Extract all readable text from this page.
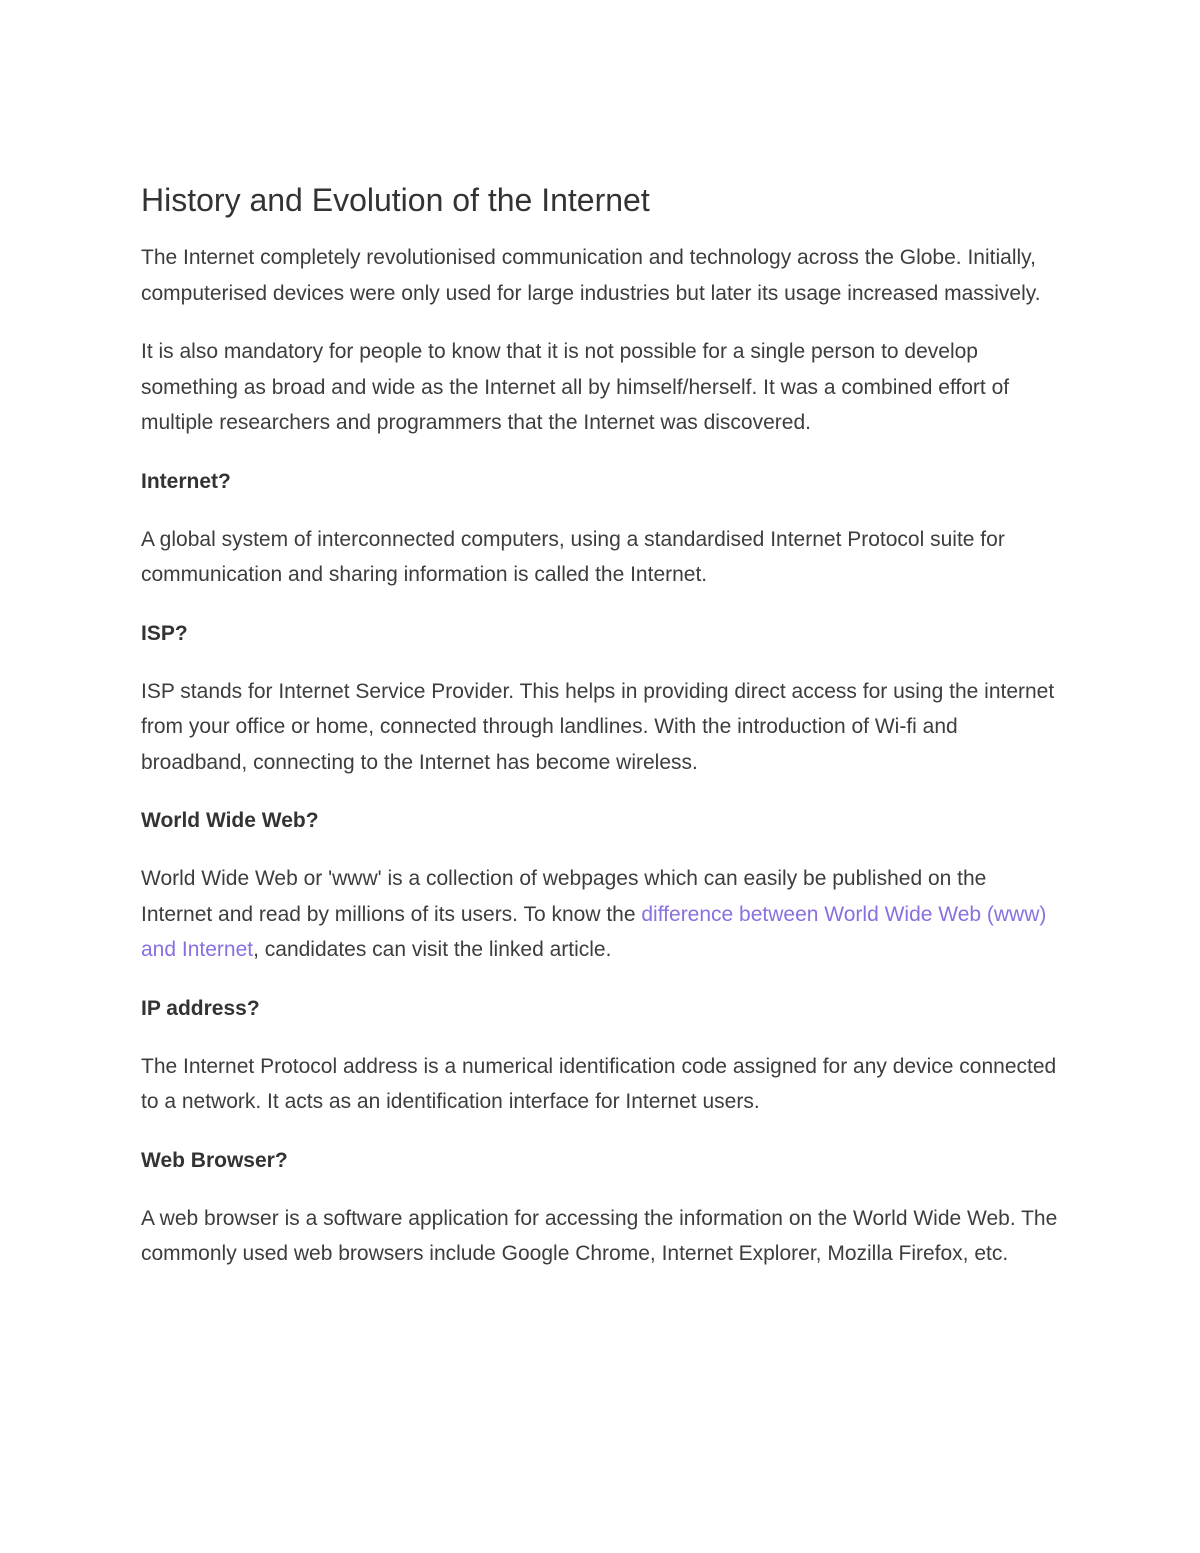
History and Evolution of the Internet

The Internet completely revolutionised communication and technology across the Globe. Initially, computerised devices were only used for large industries but later its usage increased massively.

It is also mandatory for people to know that it is not possible for a single person to develop something as broad and wide as the Internet all by himself/herself. It was a combined effort of multiple researchers and programmers that the Internet was discovered.

Internet?

A global system of interconnected computers, using a standardised Internet Protocol suite for communication and sharing information is called the Internet.

ISP?

ISP stands for Internet Service Provider. This helps in providing direct access for using the internet from your office or home, connected through landlines. With the introduction of Wi-fi and broadband, connecting to the Internet has become wireless.

World Wide Web?

World Wide Web or 'www' is a collection of webpages which can easily be published on the Internet and read by millions of its users. To know the difference between World Wide Web (www) and Internet, candidates can visit the linked article.

IP address?

The Internet Protocol address is a numerical identification code assigned for any device connected to a network. It acts as an identification interface for Internet users.

Web Browser?

A web browser is a software application for accessing the information on the World Wide Web. The commonly used web browsers include Google Chrome, Internet Explorer, Mozilla Firefox, etc.
